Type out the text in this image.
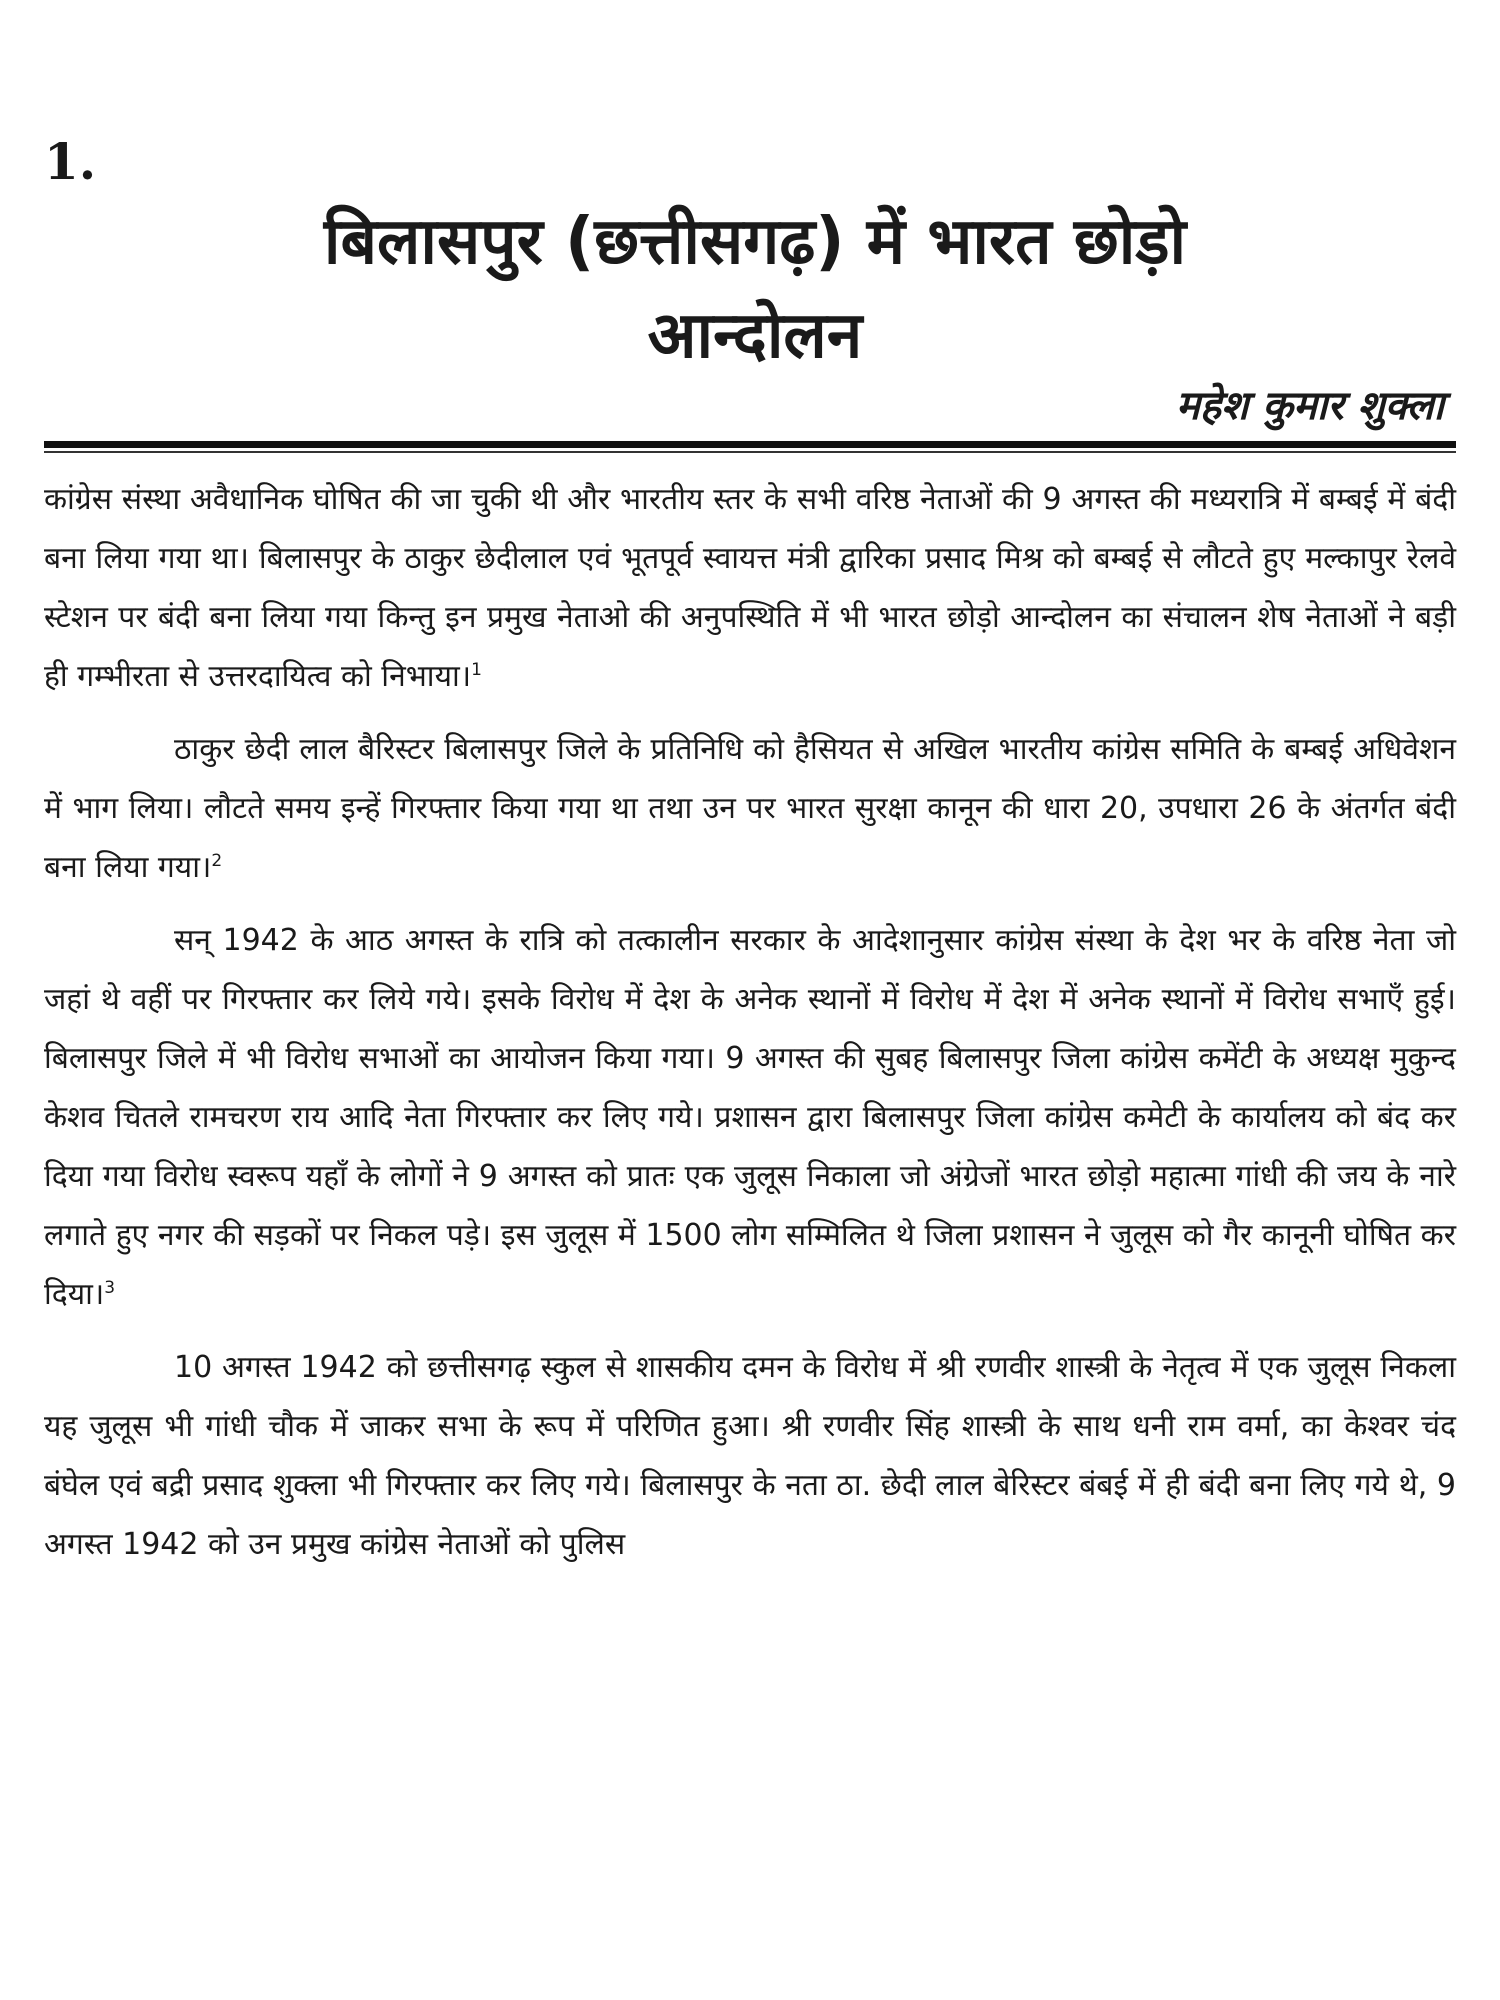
1.
बिलासपुर (छत्तीसगढ़) में भारत छोड़ो
आन्दोलन
महेश कुमार शुक्ला

कांग्रेस संस्था अवैधानिक घोषित की जा चुकी थी और भारतीय स्तर के सभी वरिष्ठ नेताओं की 9 अगस्त की मध्यरात्रि में बम्बई में बंदी बना लिया गया था। बिलासपुर के ठाकुर छेदीलाल एवं भूतपूर्व स्वायत्त मंत्री द्वारिका प्रसाद मिश्र को बम्बई से लौटते हुए मल्कापुर रेलवे स्टेशन पर बंदी बना लिया गया किन्तु इन प्रमुख नेताओ की अनुपस्थिति में भी भारत छोड़ो आन्दोलन का संचालन शेष नेताओं ने बड़ी ही गम्भीरता से उत्तरदायित्व को निभाया।$^1$

ठाकुर छेदी लाल बैरिस्टर बिलासपुर जिले के प्रतिनिधि को हैसियत से अखिल भारतीय कांग्रेस समिति के बम्बई अधिवेशन में भाग लिया। लौटते समय इन्हें गिरफ्तार किया गया था तथा उन पर भारत सुरक्षा कानून की धारा 20, उपधारा 26 के अंतर्गत बंदी बना लिया गया।$^2$

सन् 1942 के आठ अगस्त के रात्रि को तत्कालीन सरकार के आदेशानुसार कांग्रेस संस्था के देश भर के वरिष्ठ नेता जो जहां थे वहीं पर गिरफ्तार कर लिये गये। इसके विरोध में देश के अनेक स्थानों में विरोध में देश में अनेक स्थानों में विरोध सभाएँ हुई। बिलासपुर जिले में भी विरोध सभाओं का आयोजन किया गया। 9 अगस्त की सुबह बिलासपुर जिला कांग्रेस कमेंटी के अध्यक्ष मुकुन्द केशव चितले रामचरण राय आदि नेता गिरफ्तार कर लिए गये। प्रशासन द्वारा बिलासपुर जिला कांग्रेस कमेटी के कार्यालय को बंद कर दिया गया विरोध स्वरूप यहाँ के लोगों ने 9 अगस्त को प्रातः एक जुलूस निकाला जो अंग्रेजों भारत छोड़ो महात्मा गांधी की जय के नारे लगाते हुए नगर की सड़कों पर निकल पड़े। इस जुलूस में 1500 लोग सम्मिलित थे जिला प्रशासन ने जुलूस को गैर कानूनी घोषित कर दिया।$^3$

10 अगस्त 1942 को छत्तीसगढ़ स्कुल से शासकीय दमन के विरोध में श्री रणवीर शास्त्री के नेतृत्व में एक जुलूस निकला यह जुलूस भी गांधी चौक में जाकर सभा के रूप में परिणित हुआ। श्री रणवीर सिंह शास्त्री के साथ धनी राम वर्मा, का केश्वर चंद बंघेल एवं बद्री प्रसाद शुक्ला भी गिरफ्तार कर लिए गये। बिलासपुर के नता ठा. छेदी लाल बेरिस्टर बंबई में ही बंदी बना लिए गये थे, 9 अगस्त 1942 को उन प्रमुख कांग्रेस नेताओं को पुलिस
